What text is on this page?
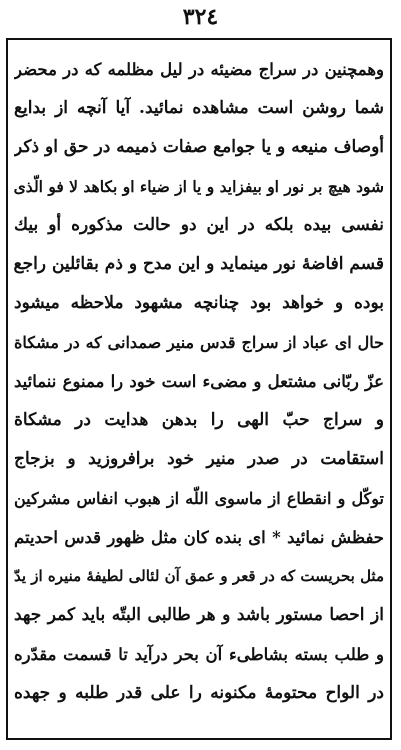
٣٢٤
وهمچنین در سراج مضیئه در لیل مظلمه که در محضر
شما روشن است مشاهده نمائید. آیا آنچه از بدایع
أوصاف منیعه و یا جوامع صفات ذمیمه در حق او ذکر
شود هیچ بر نور او بیفزاید و یا از ضیاء او بکاهد لا فو الّذی
نفسی بیده بلکه در این دو حالت مذکوره أو بیك
قسم افاضهٔ نور مینماید و این مدح و ذم بقائلین راجع
بوده و خواهد بود چنانچه مشهود ملاحظه میشود
حال ای عباد از سراج قدس منیر صمدانی که در مشکاة
عزّ ربّانی مشتعل و مضیء است خود را ممنوع ننمائید
و سراج حبّ الهی را بدهن هدایت در مشکاة
استقامت در صدر منیر خود برافروزید و بزجاج
توکّل و انقطاع از ماسوی اللّه از هبوب انفاس مشرکین
حفظش نمائید * ای بنده کان مثل ظهور قدس احدیتم
مثل بحریست که در قعر و عمق آن لئالی لطیفهٔ منیره از یدّ
از احصا مستور باشد و هر طالبی البتّه باید کمر جهد
و طلب بسته بشاطیء آن بحر درآید تا قسمت مقدّره
در الواح محتومهٔ مکنونه را علی قدر طلبه و جهده
